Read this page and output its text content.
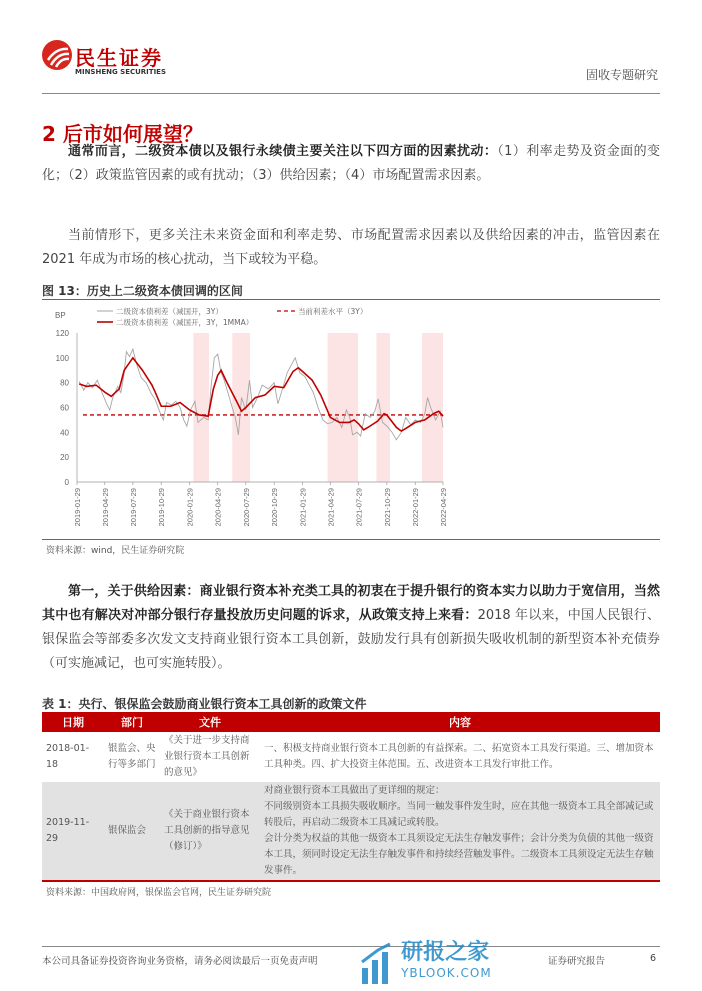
民生证券
MINSHENG SECURITIES	固收专题研究
2 后市如何展望？
通常而言，二级资本债以及银行永续债主要关注以下四方面的因素扰动：（1）利率走势及资金面的变化；（2）政策监管因素的或有扰动；（3）供给因素；（4）市场配置需求因素。
当前情形下，更多关注未来资金面和利率走势、市场配置需求因素以及供给因素的冲击，监管因素在 2021 年成为市场的核心扰动，当下或较为平稳。
图 13：历史上二级资本债回调的区间
0
20
40
60
80
100
120
BP
2019-01-29	2019-04-29	2019-07-29	2019-10-29	2020-01-29	2020-04-29	2020-07-29	2020-10-29	2021-01-29	2021-04-29	2021-07-29	2021-10-29	2022-01-29	2022-04-29
二级资本债利差（减国开，3Y）
二级资本债利差（减国开，3Y，1MMA）
当前利差水平（3Y）
资料来源：wind，民生证券研究院
第一，关于供给因素：商业银行资本补充类工具的初衷在于提升银行的资本实力以助力于宽信用，当然其中也有解决对冲部分银行存量投放历史问题的诉求，从政策支持上来看：2018 年以来，中国人民银行、银保监会等部委多次发文支持商业银行资本工具创新，鼓励发行具有创新损失吸收机制的新型资本补充债券（可实施减记，也可实施转股）。
表 1：央行、银保监会鼓励商业银行资本工具创新的政策文件
日期	部门	文件	内容
2018-01-18	银监会、央行等多部门	《关于进一步支持商业银行资本工具创新的意见》	一、积极支持商业银行资本工具创新的有益探索。二、拓宽资本工具发行渠道。三、增加资本工具种类。四、扩大投资主体范围。五、改进资本工具发行审批工作。
2019-11-29	银保监会	《关于商业银行资本工具创新的指导意见（修订）》	对商业银行资本工具做出了更详细的规定：
不同级别资本工具损失吸收顺序。当同一触发事件发生时，应在其他一级资本工具全部减记或转股后，再启动二级资本工具减记或转股。
会计分类为权益的其他一级资本工具须设定无法生存触发事件；会计分类为负债的其他一级资本工具，须同时设定无法生存触发事件和持续经营触发事件。二级资本工具须设定无法生存触发事件。
资料来源：中国政府网，银保监会官网，民生证券研究院
本公司具备证券投资咨询业务资格，请务必阅读最后一页免责声明
	研报之家
YBLOOK.COM
证券研究报告	6
